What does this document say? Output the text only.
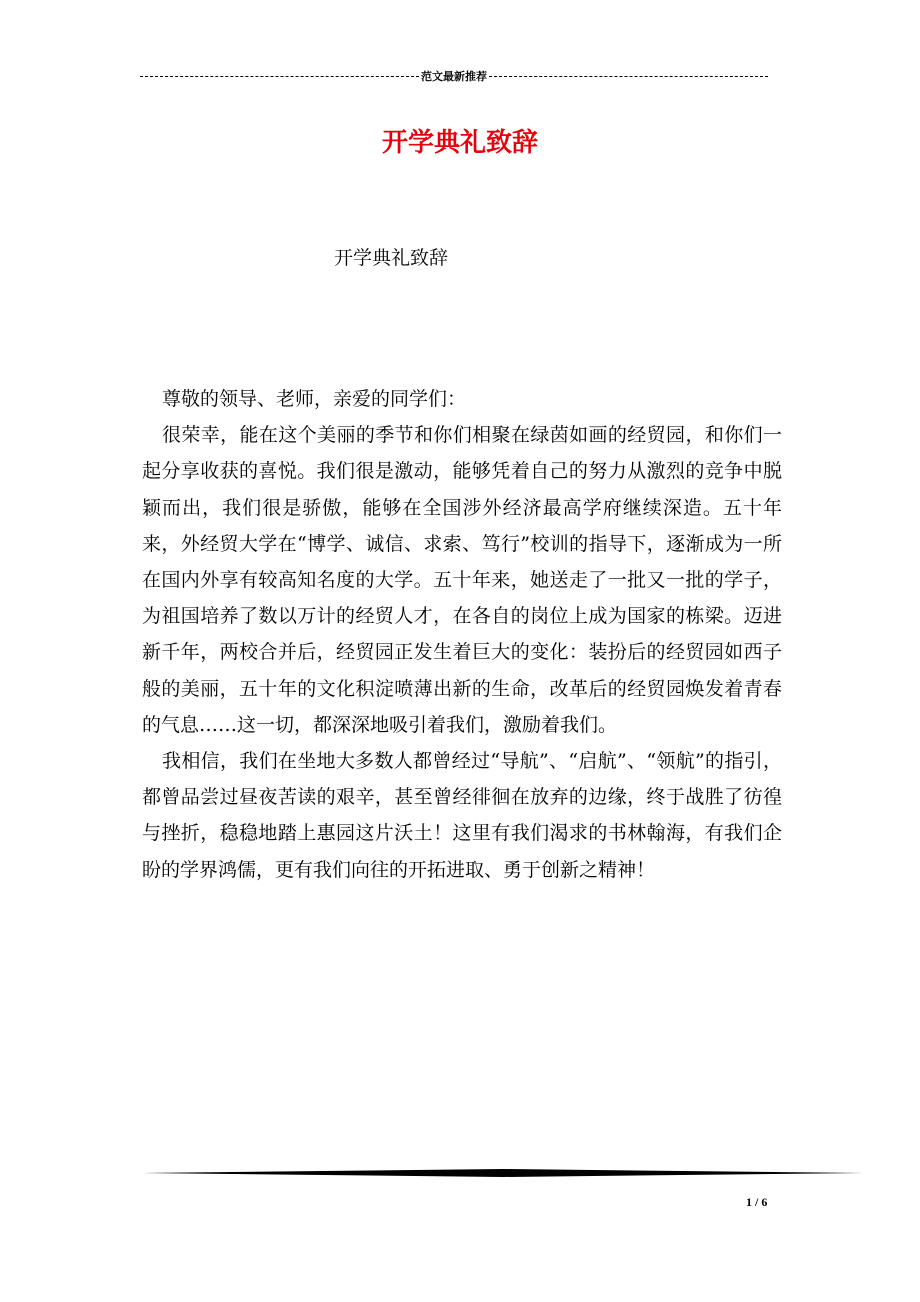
范文最新推荐
开学典礼致辞
开学典礼致辞

尊敬的领导、老师，亲爱的同学们：

很荣幸，能在这个美丽的季节和你们相聚在绿茵如画的经贸园，和你们一起分享收获的喜悦。我们很是激动，能够凭着自己的努力从激烈的竞争中脱颖而出，我们很是骄傲，能够在全国涉外经济最高学府继续深造。五十年来，外经贸大学在“博学、诚信、求索、笃行”校训的指导下，逐渐成为一所在国内外享有较高知名度的大学。五十年来，她送走了一批又一批的学子，为祖国培养了数以万计的经贸人才，在各自的岗位上成为国家的栋梁。迈进新千年，两校合并后，经贸园正发生着巨大的变化：装扮后的经贸园如西子般的美丽，五十年的文化积淀喷薄出新的生命，改革后的经贸园焕发着青春的气息……这一切，都深深地吸引着我们，激励着我们。

我相信，我们在坐地大多数人都曾经过“导航”、“启航”、“领航”的指引，都曾品尝过昼夜苦读的艰辛，甚至曾经徘徊在放弃的边缘，终于战胜了彷徨与挫折，稳稳地踏上惠园这片沃土！这里有我们渴求的书林翰海，有我们企盼的学界鸿儒，更有我们向往的开拓进取、勇于创新之精神！

1 / 6
